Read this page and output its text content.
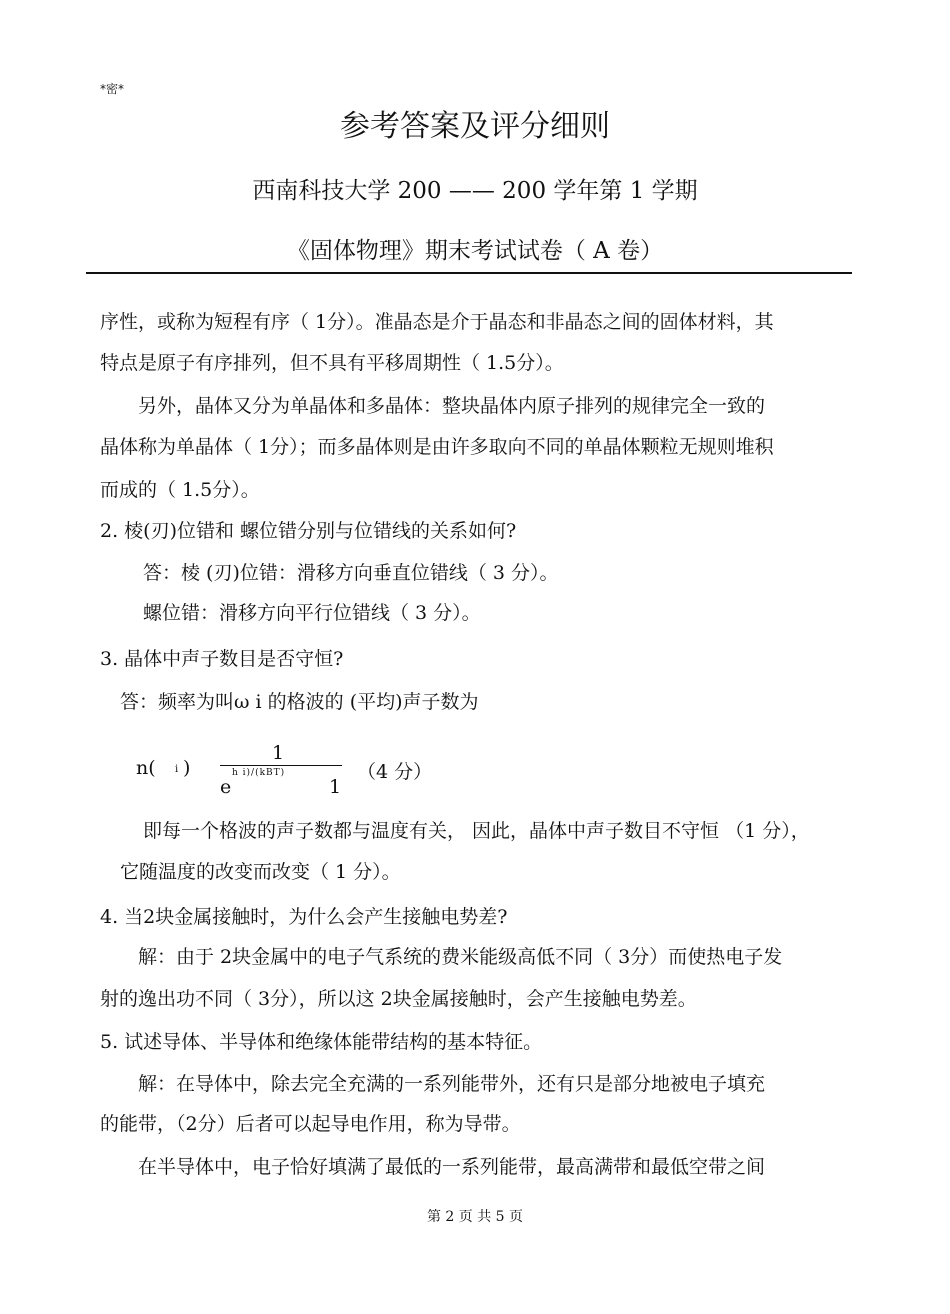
*密*
参考答案及评分细则
西南科技大学 200 —— 200 学年第 1 学期
《固体物理》期末考试试卷（ A 卷）
序性，或称为短程有序（ 1分）。准晶态是介于晶态和非晶态之间的固体材料，其
特点是原子有序排列，但不具有平移周期性（ 1.5分）。
另外，晶体又分为单晶体和多晶体：整块晶体内原子排列的规律完全一致的
晶体称为单晶体（ 1分）；而多晶体则是由许多取向不同的单晶体颗粒无规则堆积
而成的（ 1.5分）。
2. 棱(刃)位错和 螺位错分别与位错线的关系如何?
答：棱 (刃)位错：滑移方向垂直位错线（ 3 分）。
螺位错：滑移方向平行位错线（ 3 分）。
3. 晶体中声子数目是否守恒?
答：频率为叫ω i 的格波的 (平均)声子数为
n( i )
1
e
h i)/(kBT)
1
（4 分）
即每一个格波的声子数都与温度有关， 因此，晶体中声子数目不守恒 （1 分），
它随温度的改变而改变（ 1 分）。
4. 当2块金属接触时，为什么会产生接触电势差?
解：由于 2块金属中的电子气系统的费米能级高低不同（ 3分）而使热电子发
射的逸出功不同（ 3分），所以这 2块金属接触时，会产生接触电势差。
5. 试述导体、半导体和绝缘体能带结构的基本特征。
解：在导体中，除去完全充满的一系列能带外，还有只是部分地被电子填充
的能带，（2分）后者可以起导电作用，称为导带。
在半导体中，电子恰好填满了最低的一系列能带，最高满带和最低空带之间
第 2 页 共 5 页
